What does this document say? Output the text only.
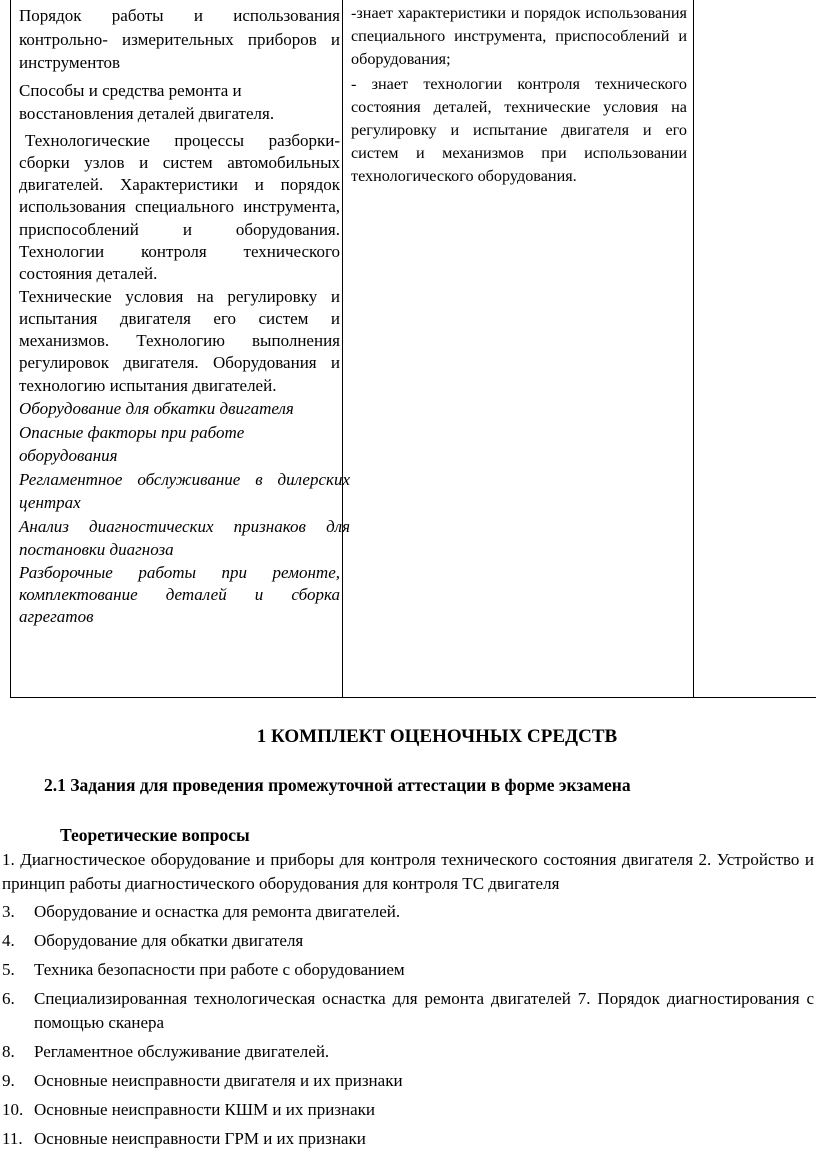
Порядок работы и использования контрольно- измерительных приборов и инструментов

Способы и средства ремонта и восстановления деталей двигателя.

Технологические процессы разборки-сборки узлов и систем автомобильных двигателей. Характеристики и порядок использования специального инструмента, приспособлений и оборудования. Технологии контроля технического состояния деталей.

Технические условия на регулировку и испытания двигателя его систем и механизмов. Технологию выполнения регулировок двигателя. Оборудования и технологию испытания двигателей.

Оборудование для обкатки двигателя

Опасные факторы при работе оборудования

Регламентное обслуживание в дилерских центрах

Анализ диагностических признаков для постановки диагноза

Разборочные работы при ремонте, комплектование деталей и сборка агрегатов

-знает характеристики и порядок использования специального инструмента, приспособлений и оборудования;

- знает технологии контроля технического состояния деталей, технические условия на регулировку и испытание двигателя и его систем и механизмов при использовании технологического оборудования.

1 КОМПЛЕКТ ОЦЕНОЧНЫХ СРЕДСТВ
2.1 Задания для проведения промежуточной аттестации в форме экзамена
Теоретические вопросы

1. Диагностическое оборудование и приборы для контроля технического состояния двигателя 2. Устройство и принцип работы диагностического оборудования для контроля ТС двигателя

3. Оборудование и оснастка для ремонта двигателей.
4. Оборудование для обкатки двигателя
5. Техника безопасности при работе с оборудованием
6. Специализированная технологическая оснастка для ремонта двигателей 7. Порядок диагностирования с помощью сканера
8. Регламентное обслуживание двигателей.
9. Основные неисправности двигателя и их признаки
10. Основные неисправности КШМ и их признаки
11. Основные неисправности ГРМ и их признаки
